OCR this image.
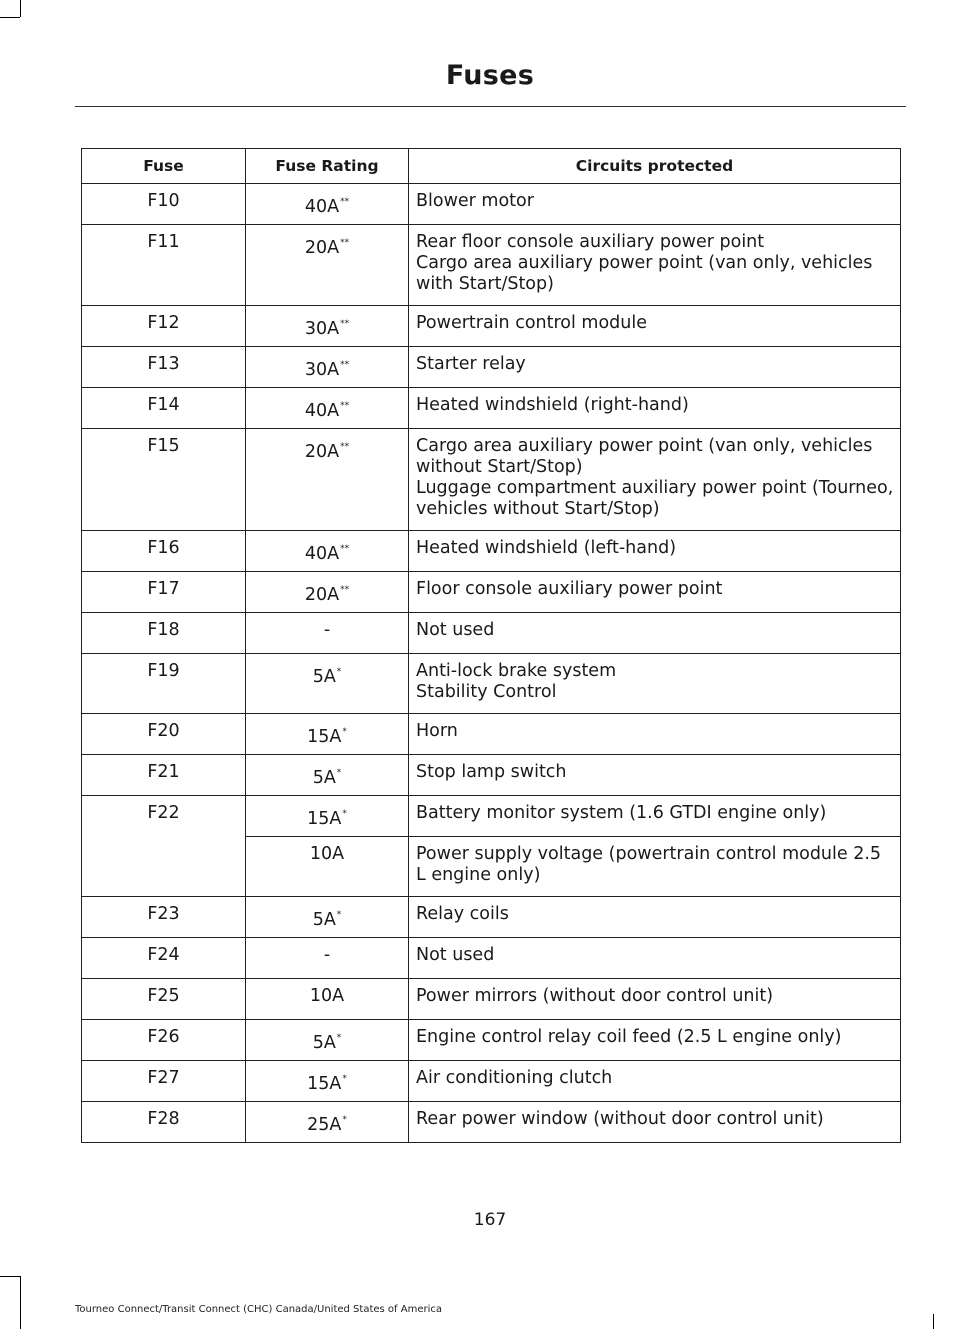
Fuses
Fuse	Fuse Rating	Circuits protected
F10	40A**	Blower motor

F11	20A**	Rear floor console auxiliary power point
Cargo area auxiliary power point (van only, vehicles with Start/Stop)

F12	30A**	Powertrain control module

F13	30A**	Starter relay

F14	40A**	Heated windshield (right-hand)

F15	20A**	Cargo area auxiliary power point (van only, vehicles without Start/Stop)
Luggage compartment auxiliary power point (Tourneo, vehicles without Start/Stop)

F16	40A**	Heated windshield (left-hand)

F17	20A**	Floor console auxiliary power point

F18	-	Not used

F19	5A*	Anti-lock brake system
Stability Control

F20	15A*	Horn

F21	5A*	Stop lamp switch

F22	15A*	Battery monitor system (1.6 GTDI engine only)

	10A	Power supply voltage (powertrain control module 2.5 L engine only)

F23	5A*	Relay coils

F24	-	Not used

F25	10A	Power mirrors (without door control unit)

F26	5A*	Engine control relay coil feed (2.5 L engine only)

F27	15A*	Air conditioning clutch

F28	25A*	Rear power window (without door control unit)
167
Tourneo Connect/Transit Connect (CHC) Canada/United States of America
